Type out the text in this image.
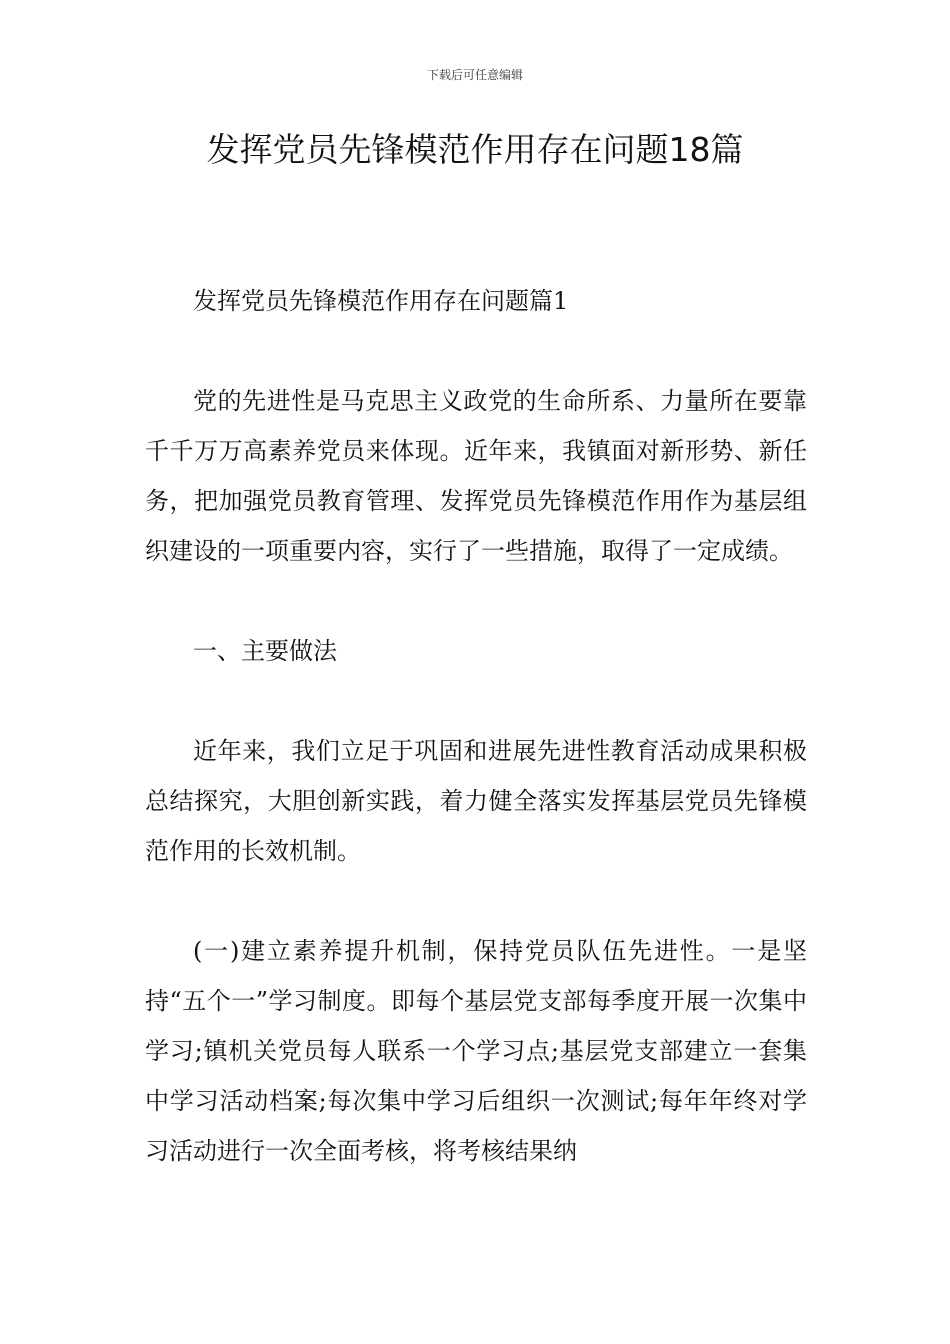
下载后可任意编辑
发挥党员先锋模范作用存在问题18篇

发挥党员先锋模范作用存在问题篇1

党的先进性是马克思主义政党的生命所系、力量所在要靠千千万万高素养党员来体现。近年来，我镇面对新形势、新任务，把加强党员教育管理、发挥党员先锋模范作用作为基层组织建设的一项重要内容，实行了一些措施，取得了一定成绩。

一、主要做法

近年来，我们立足于巩固和进展先进性教育活动成果积极总结探究，大胆创新实践，着力健全落实发挥基层党员先锋模范作用的长效机制。

(一)建立素养提升机制，保持党员队伍先进性。一是坚持“五个一”学习制度。即每个基层党支部每季度开展一次集中学习;镇机关党员每人联系一个学习点;基层党支部建立一套集中学习活动档案;每次集中学习后组织一次测试;每年年终对学习活动进行一次全面考核，将考核结果纳
